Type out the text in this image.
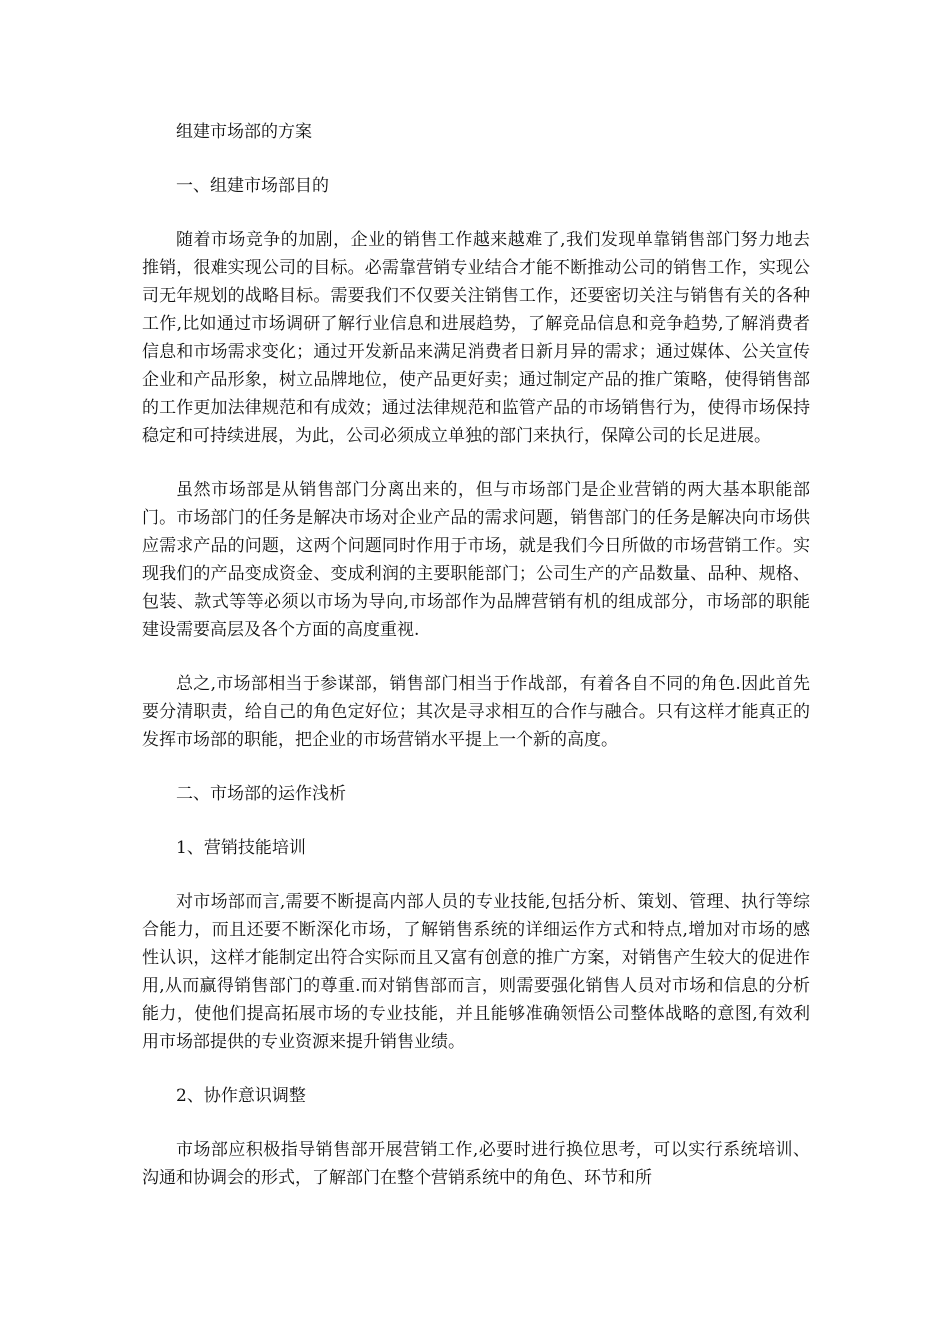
组建市场部的方案

一、组建市场部目的

随着市场竞争的加剧，企业的销售工作越来越难了,我们发现单靠销售部门努力地去推销，很难实现公司的目标。必需靠营销专业结合才能不断推动公司的销售工作，实现公司无年规划的战略目标。需要我们不仅要关注销售工作，还要密切关注与销售有关的各种工作,比如通过市场调研了解行业信息和进展趋势，了解竞品信息和竞争趋势,了解消费者信息和市场需求变化；通过开发新品来满足消费者日新月异的需求；通过媒体、公关宣传企业和产品形象，树立品牌地位，使产品更好卖；通过制定产品的推广策略，使得销售部的工作更加法律规范和有成效；通过法律规范和监管产品的市场销售行为，使得市场保持稳定和可持续进展，为此，公司必须成立单独的部门来执行，保障公司的长足进展。

虽然市场部是从销售部门分离出来的，但与市场部门是企业营销的两大基本职能部门。市场部门的任务是解决市场对企业产品的需求问题，销售部门的任务是解决向市场供应需求产品的问题，这两个问题同时作用于市场，就是我们今日所做的市场营销工作。实现我们的产品变成资金、变成利润的主要职能部门；公司生产的产品数量、品种、规格、包装、款式等等必须以市场为导向,市场部作为品牌营销有机的组成部分，市场部的职能建设需要高层及各个方面的高度重视.

总之,市场部相当于参谋部，销售部门相当于作战部，有着各自不同的角色.因此首先要分清职责，给自己的角色定好位；其次是寻求相互的合作与融合。只有这样才能真正的发挥市场部的职能，把企业的市场营销水平提上一个新的高度。

二、市场部的运作浅析

1、营销技能培训

对市场部而言,需要不断提高内部人员的专业技能,包括分析、策划、管理、执行等综合能力，而且还要不断深化市场，了解销售系统的详细运作方式和特点,增加对市场的感性认识，这样才能制定出符合实际而且又富有创意的推广方案，对销售产生较大的促进作用,从而赢得销售部门的尊重.而对销售部而言，则需要强化销售人员对市场和信息的分析能力，使他们提高拓展市场的专业技能，并且能够准确领悟公司整体战略的意图,有效利用市场部提供的专业资源来提升销售业绩。

2、协作意识调整

市场部应积极指导销售部开展营销工作,必要时进行换位思考，可以实行系统培训、沟通和协调会的形式，了解部门在整个营销系统中的角色、环节和所
